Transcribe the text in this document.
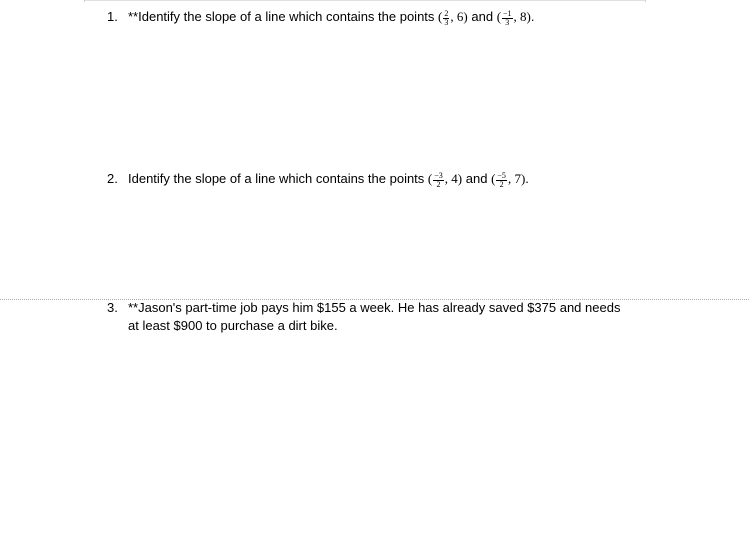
1. **Identify the slope of a line which contains the points ( $\frac{2}{3}$ , 6) and ( $\frac{-1}{3}$ , 8).
2. Identify the slope of a line which contains the points ( $\frac{-3}{2}$ , 4) and ( $\frac{-5}{2}$ , 7).
3. **Jason's part-time job pays him $155 a week. He has already saved $375 and needs
at least $900 to purchase a dirt bike.
